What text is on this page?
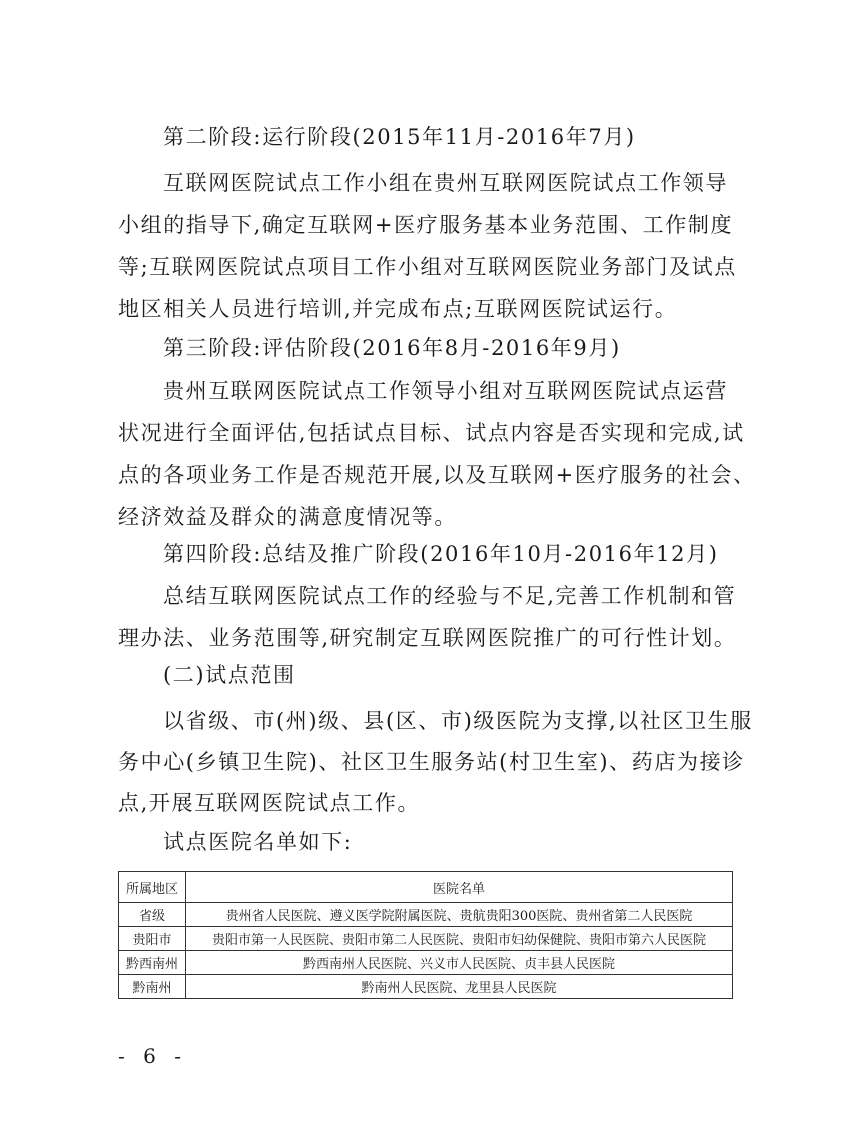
第二阶段:运行阶段(2015年11月-2016年7月)
互联网医院试点工作小组在贵州互联网医院试点工作领导
小组的指导下,确定互联网+医疗服务基本业务范围、工作制度
等;互联网医院试点项目工作小组对互联网医院业务部门及试点
地区相关人员进行培训,并完成布点;互联网医院试运行。
第三阶段:评估阶段(2016年8月-2016年9月)
贵州互联网医院试点工作领导小组对互联网医院试点运营
状况进行全面评估,包括试点目标、试点内容是否实现和完成,试
点的各项业务工作是否规范开展,以及互联网+医疗服务的社会、
经济效益及群众的满意度情况等。
第四阶段:总结及推广阶段(2016年10月-2016年12月)
总结互联网医院试点工作的经验与不足,完善工作机制和管
理办法、业务范围等,研究制定互联网医院推广的可行性计划。
(二)试点范围
以省级、市(州)级、县(区、市)级医院为支撑,以社区卫生服
务中心(乡镇卫生院)、社区卫生服务站(村卫生室)、药店为接诊
点,开展互联网医院试点工作。
试点医院名单如下:
所属地区	医院名单
省级	贵州省人民医院、遵义医学院附属医院、贵航贵阳300医院、贵州省第二人民医院
贵阳市	贵阳市第一人民医院、贵阳市第二人民医院、贵阳市妇幼保健院、贵阳市第六人民医院
黔西南州	黔西南州人民医院、兴义市人民医院、贞丰县人民医院
黔南州	黔南州人民医院、龙里县人民医院
- 6 -
